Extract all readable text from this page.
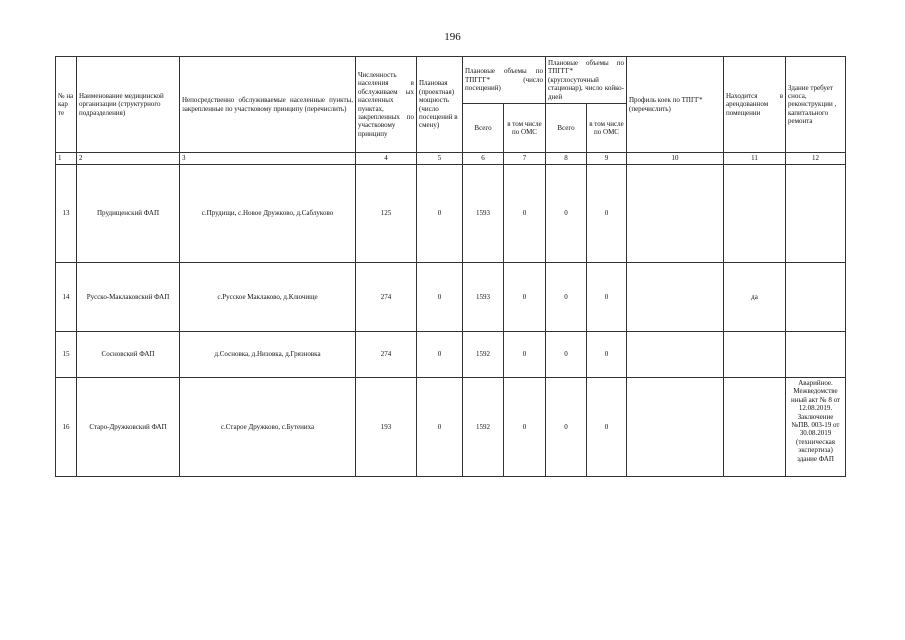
196
№ на кар те	Наименование медицинской организации (структурного подразделения)	Непосредственно обслуживаемые населенные пункты, закрепленные по участковому принципу (перечислить)	Численность населения в обслуживаем ых населенных пунктах, закрепленных по участковому принципу	Плановая (проектная) мощность (число посещений в смену)	Плановые объемы по ТПГГГ* (число посещений)		Плановые объемы по ТПГГГ* (круглосуточный стационар), число койко-дней		Профиль коек по ТПГГ* (перечислить)	Находится в арендованном помещении	Здание требует сноса, реконструкции , капитального ремонта
					Всего	в том числе по ОМС	Всего	в том числе по ОМС			
1	2	3	4	5	6	7	8	9	10	11	12
13	Прудищенский ФАП	с.Прудищи, с.Новое Дружково, д.Саблуково	125	0	1593	0	0	0			
14	Русско-Маклаковский ФАП	с.Русское Маклаково, д.Ключище	274	0	1593	0	0	0		да	
15	Сосновский ФАП	д.Сосновка, д.Низовка, д.Грязновка	274	0	1592	0	0	0			
16	Старо-Дружковский ФАП	с.Старое Дружково, с.Бутениха	193	0	1592	0	0	0			Аварийное. Межведомстве нный акт № 8 от 12.08.2019. Заключение №ПВ. 003-19 от 30.08.2019 (техническая экспертиза) здание ФАП
